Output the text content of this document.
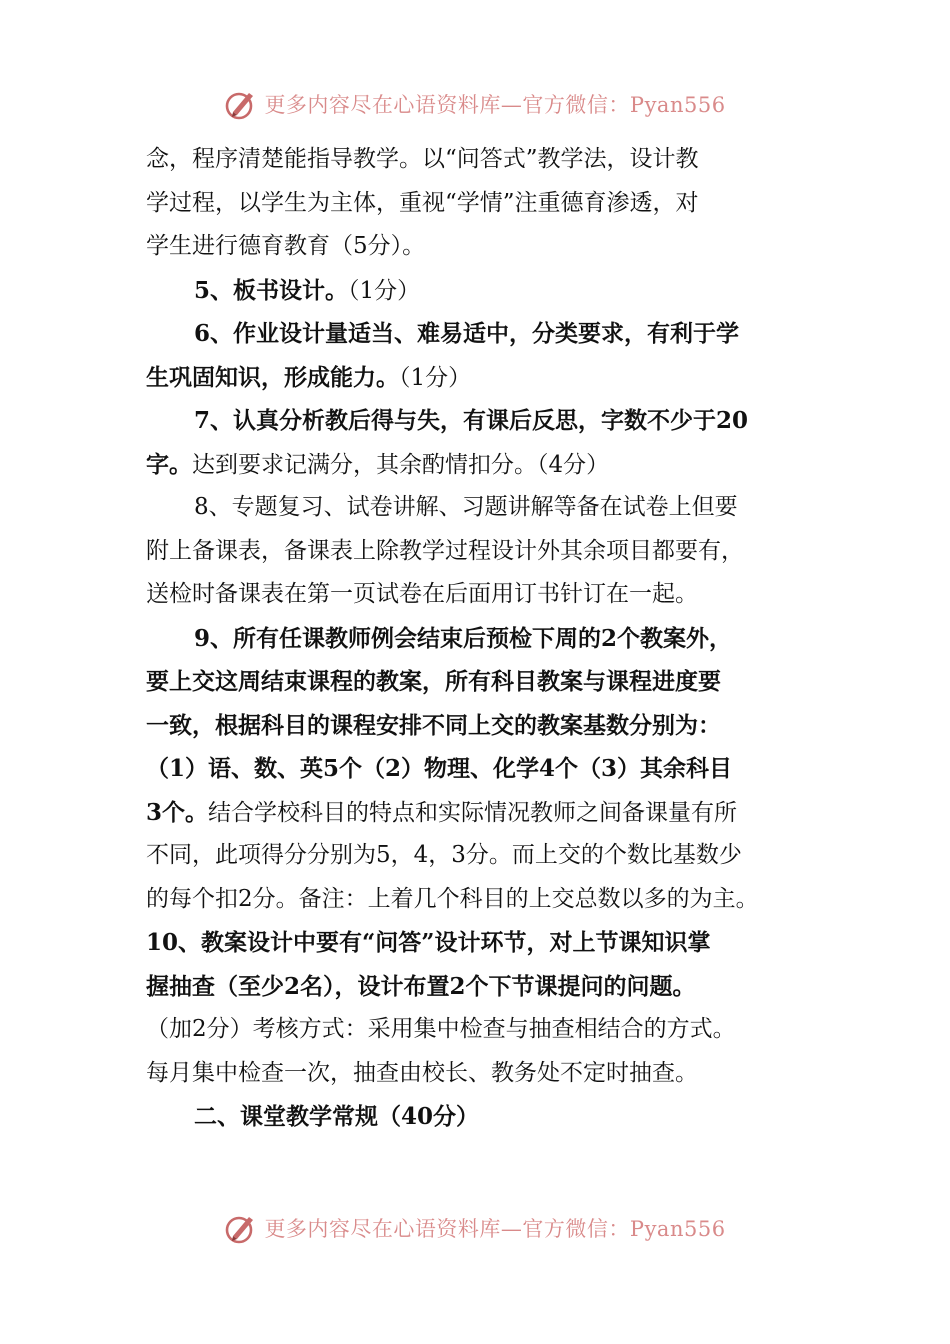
更多内容尽在心语资料库—官方微信：Pyan556
念，程序清楚能指导教学。以“问答式”教学法，设计教
学过程，以学生为主体，重视“学情”注重德育渗透，对
学生进行德育教育（5分）。
5、板书设计。（1分）
6、作业设计量适当、难易适中，分类要求，有利于学
生巩固知识，形成能力。（1分）
7、认真分析教后得与失，有课后反思，字数不少于20
字。达到要求记满分，其余酌情扣分。（4分）
8、专题复习、试卷讲解、习题讲解等备在试卷上但要
附上备课表，备课表上除教学过程设计外其余项目都要有，
送检时备课表在第一页试卷在后面用订书针订在一起。
9、所有任课教师例会结束后预检下周的2个教案外，
要上交这周结束课程的教案，所有科目教案与课程进度要
一致，根据科目的课程安排不同上交的教案基数分别为：
（1）语、数、英5个（2）物理、化学4个（3）其余科目
3个。结合学校科目的特点和实际情况教师之间备课量有所
不同，此项得分分别为5，4，3分。而上交的个数比基数少
的每个扣2分。备注：上着几个科目的上交总数以多的为主。
10、教案设计中要有“问答”设计环节，对上节课知识掌
握抽查（至少2名），设计布置2个下节课提问的问题。
（加2分）考核方式：采用集中检查与抽查相结合的方式。
每月集中检查一次，抽查由校长、教务处不定时抽查。
二、课堂教学常规（40分）
更多内容尽在心语资料库—官方微信：Pyan556
